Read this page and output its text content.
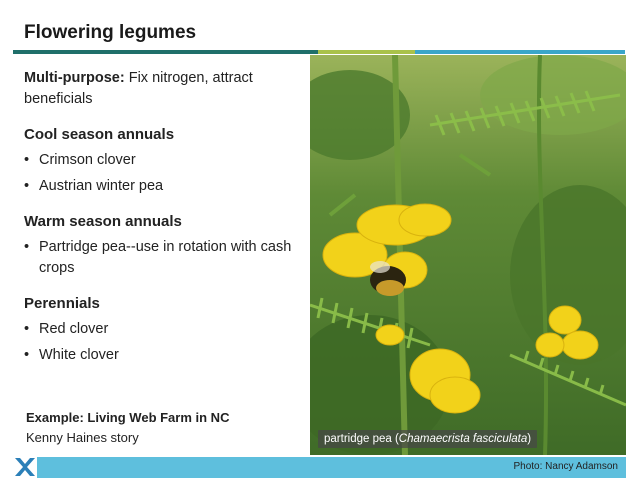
Flowering legumes

Multi-purpose: Fix nitrogen, attract beneficials

Cool season annuals

• Crimson clover
• Austrian winter pea

Warm season annuals

• Partridge pea--use in rotation with cash crops

Perennials

• Red clover
• White clover
Example: Living Web Farm in NC
Kenny Haines story	partridge pea (Chamaecrista fasciculata)
Photo: Nancy Adamson
